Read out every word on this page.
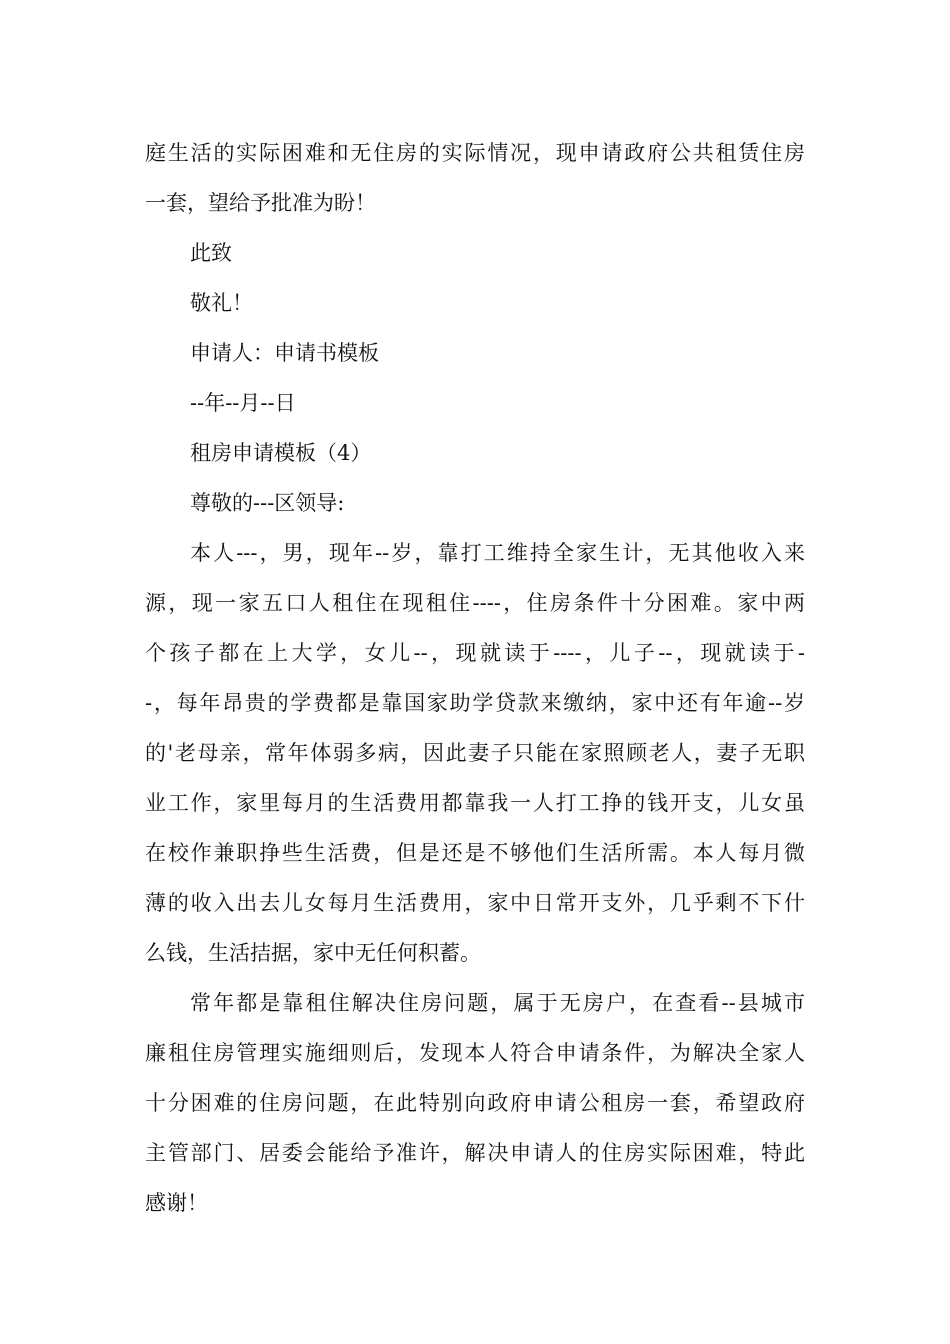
庭生活的实际困难和无住房的实际情况，现申请政府公共租赁住房
一套，望给予批准为盼！
此致
敬礼！
申请人：申请书模板
--年--月--日
租房申请模板（4）
尊敬的---区领导:
本人---，男，现年--岁，靠打工维持全家生计，无其他收入来
源，现一家五口人租住在现租住----，住房条件十分困难。家中两
个孩子都在上大学，女儿--，现就读于----，儿子--，现就读于-
-，每年昂贵的学费都是靠国家助学贷款来缴纳，家中还有年逾--岁
的'老母亲，常年体弱多病，因此妻子只能在家照顾老人，妻子无职
业工作，家里每月的生活费用都靠我一人打工挣的钱开支，儿女虽
在校作兼职挣些生活费，但是还是不够他们生活所需。本人每月微
薄的收入出去儿女每月生活费用，家中日常开支外，几乎剩不下什
么钱，生活拮据，家中无任何积蓄。
常年都是靠租住解决住房问题，属于无房户，在查看--县城市
廉租住房管理实施细则后，发现本人符合申请条件，为解决全家人
十分困难的住房问题，在此特别向政府申请公租房一套，希望政府
主管部门、居委会能给予准许，解决申请人的住房实际困难，特此
感谢！
